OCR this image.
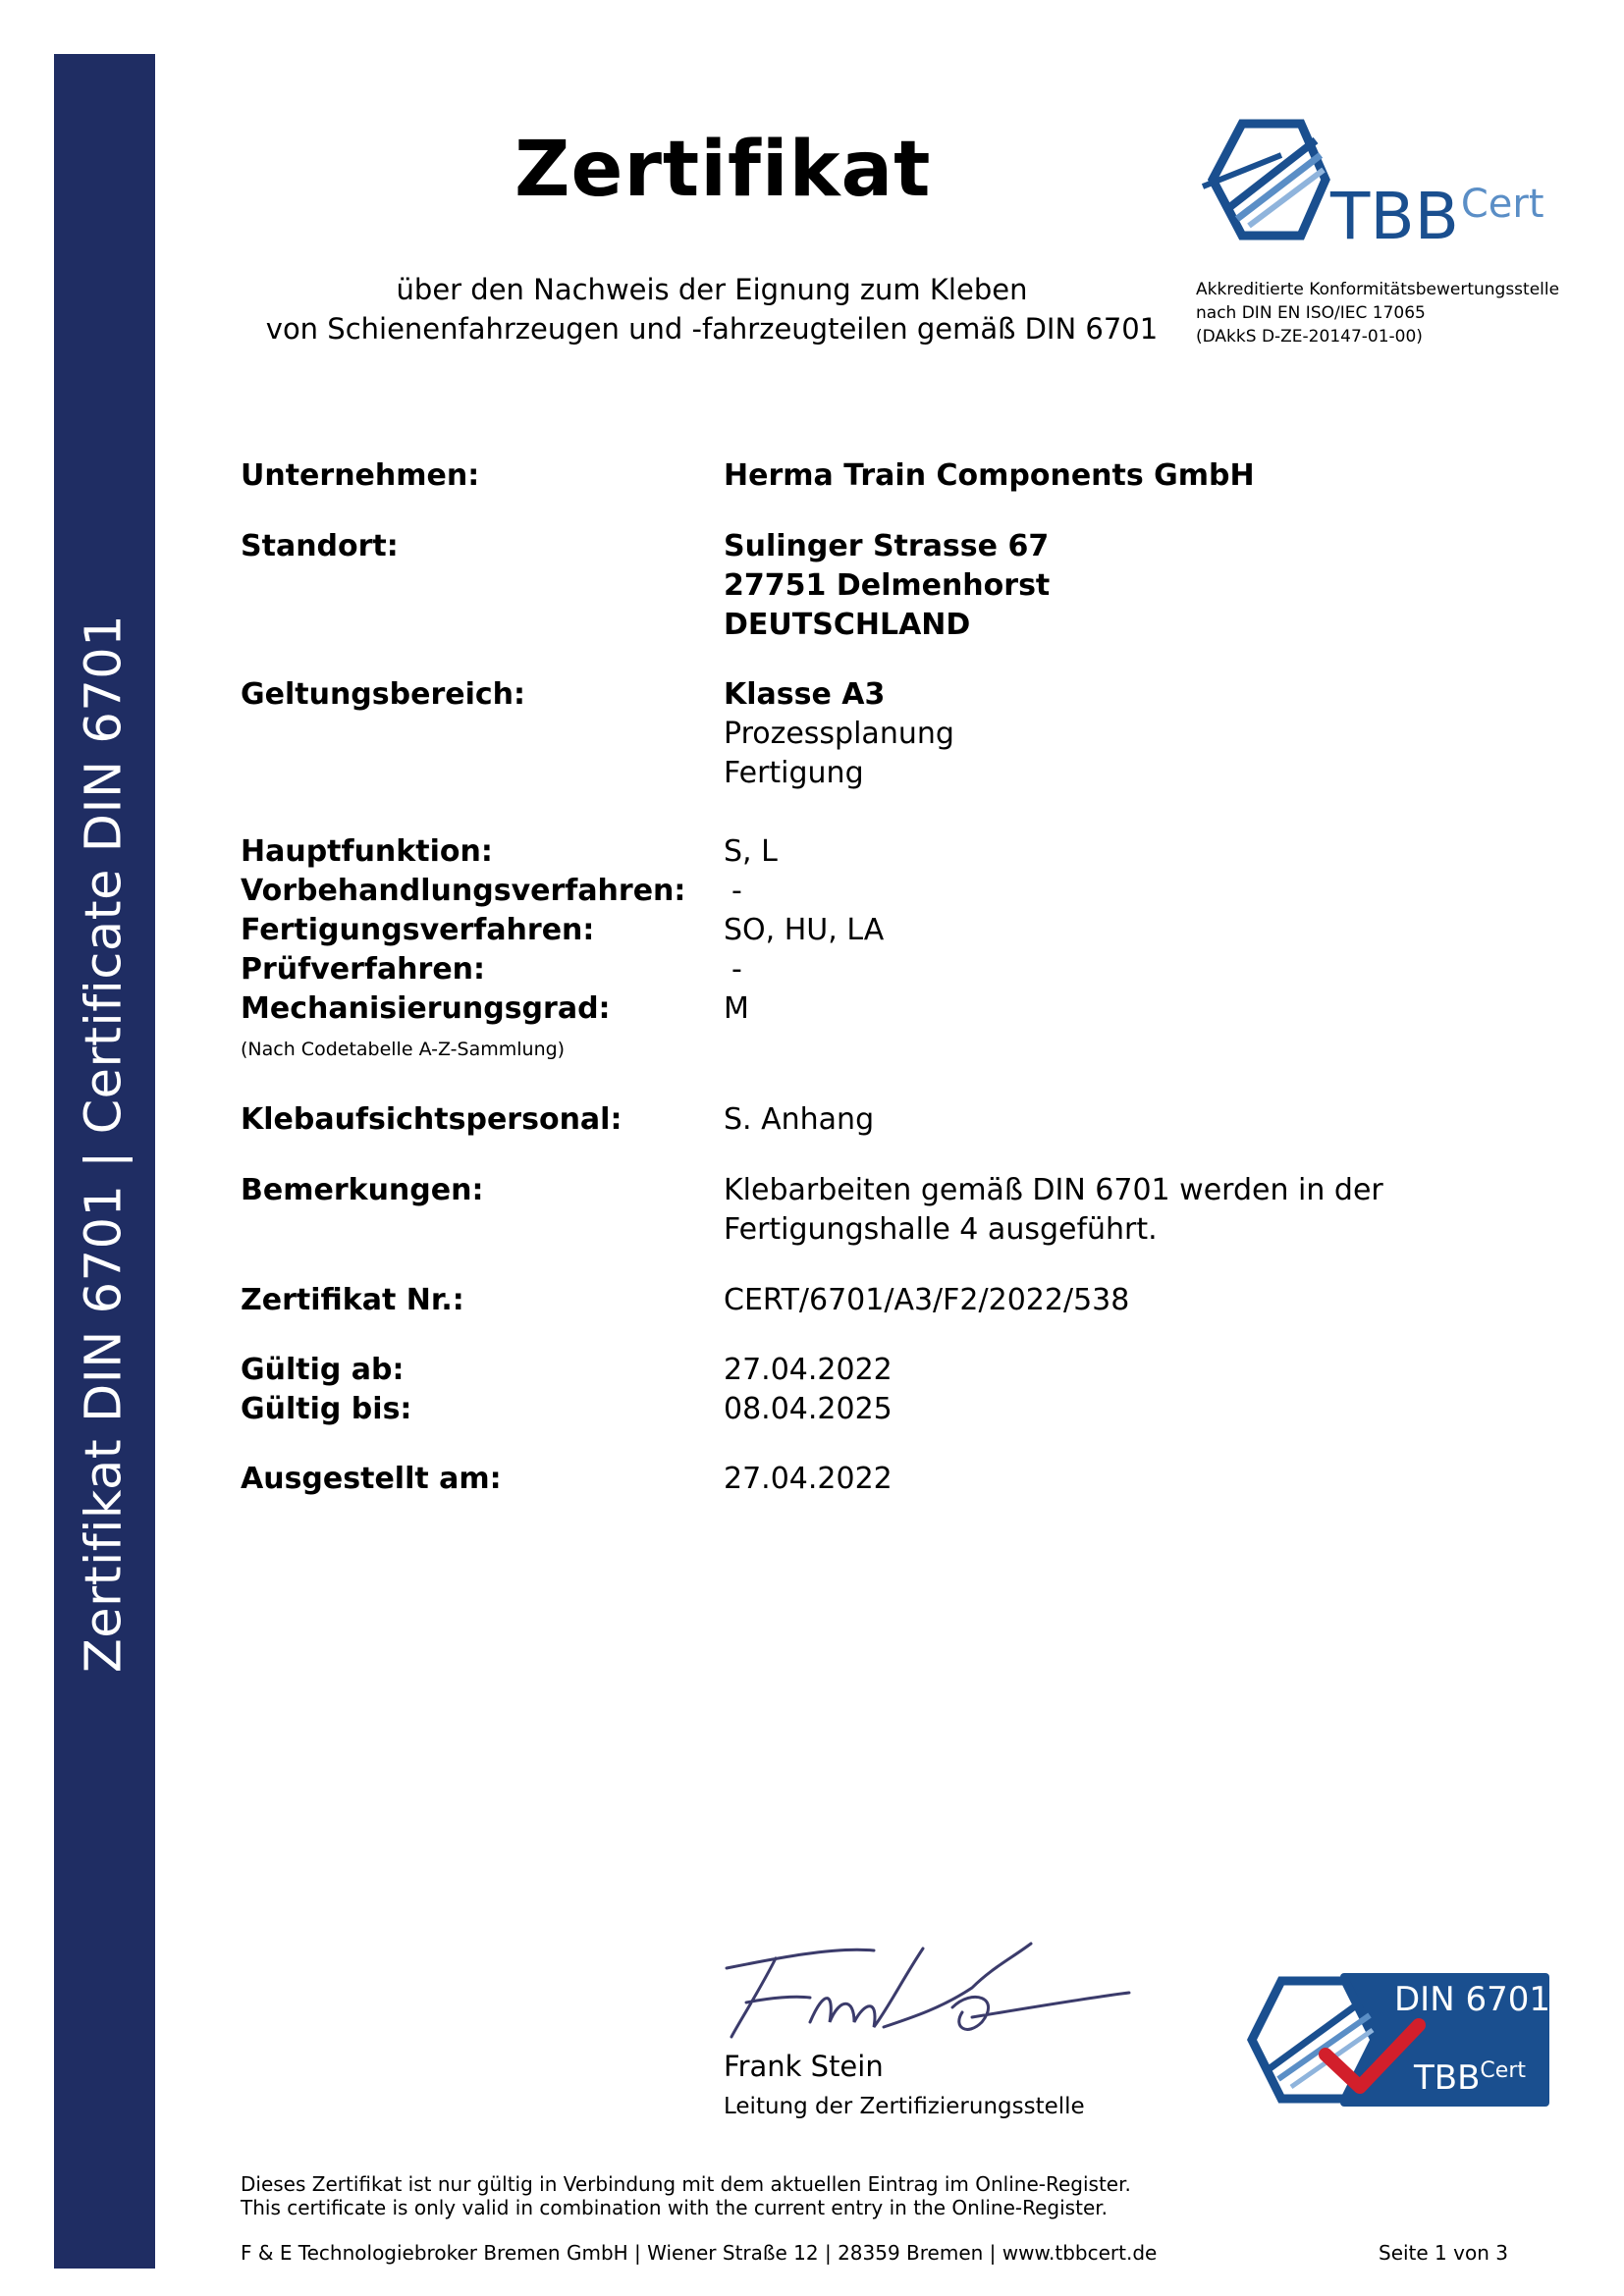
Zertifikat DIN 6701 | Certificate DIN 6701
Zertifikat
über den Nachweis der Eignung zum Kleben
von Schienenfahrzeugen und -fahrzeugteilen gemäß DIN 6701
$TBB^{Cert}$
Akkreditierte Konformitätsbewertungsstelle
nach DIN EN ISO/IEC 17065
(DAkkS D-ZE-20147-01-00)
Unternehmen:	Herma Train Components GmbH
Standort:	Sulinger Strasse 67
27751 Delmenhorst
DEUTSCHLAND
Geltungsbereich:	Klasse A3
Prozessplanung
Fertigung
Hauptfunktion:	S, L
Vorbehandlungsverfahren: -
Fertigungsverfahren:	SO, HU, LA
Prüfverfahren:	-
Mechanisierungsgrad:	M
(Nach Codetabelle A-Z-Sammlung)
Klebaufsichtspersonal:	S. Anhang
Bemerkungen:	Klebarbeiten gemäß DIN 6701 werden in der
Fertigungshalle 4 ausgeführt.
Zertifikat Nr.:	CERT/6701/A3/F2/2022/538
Gültig ab:	27.04.2022
Gültig bis:	08.04.2025
Ausgestellt am:	27.04.2022
Frank Stein
Leitung der Zertifizierungsstelle
DIN 6701
$TBB^{Cert}$
Dieses Zertifikat ist nur gültig in Verbindung mit dem aktuellen Eintrag im Online-Register.
This certificate is only valid in combination with the current entry in the Online-Register.
F & E Technologiebroker Bremen GmbH | Wiener Straße 12 | 28359 Bremen | www.tbbcert.de	Seite 1 von 3
